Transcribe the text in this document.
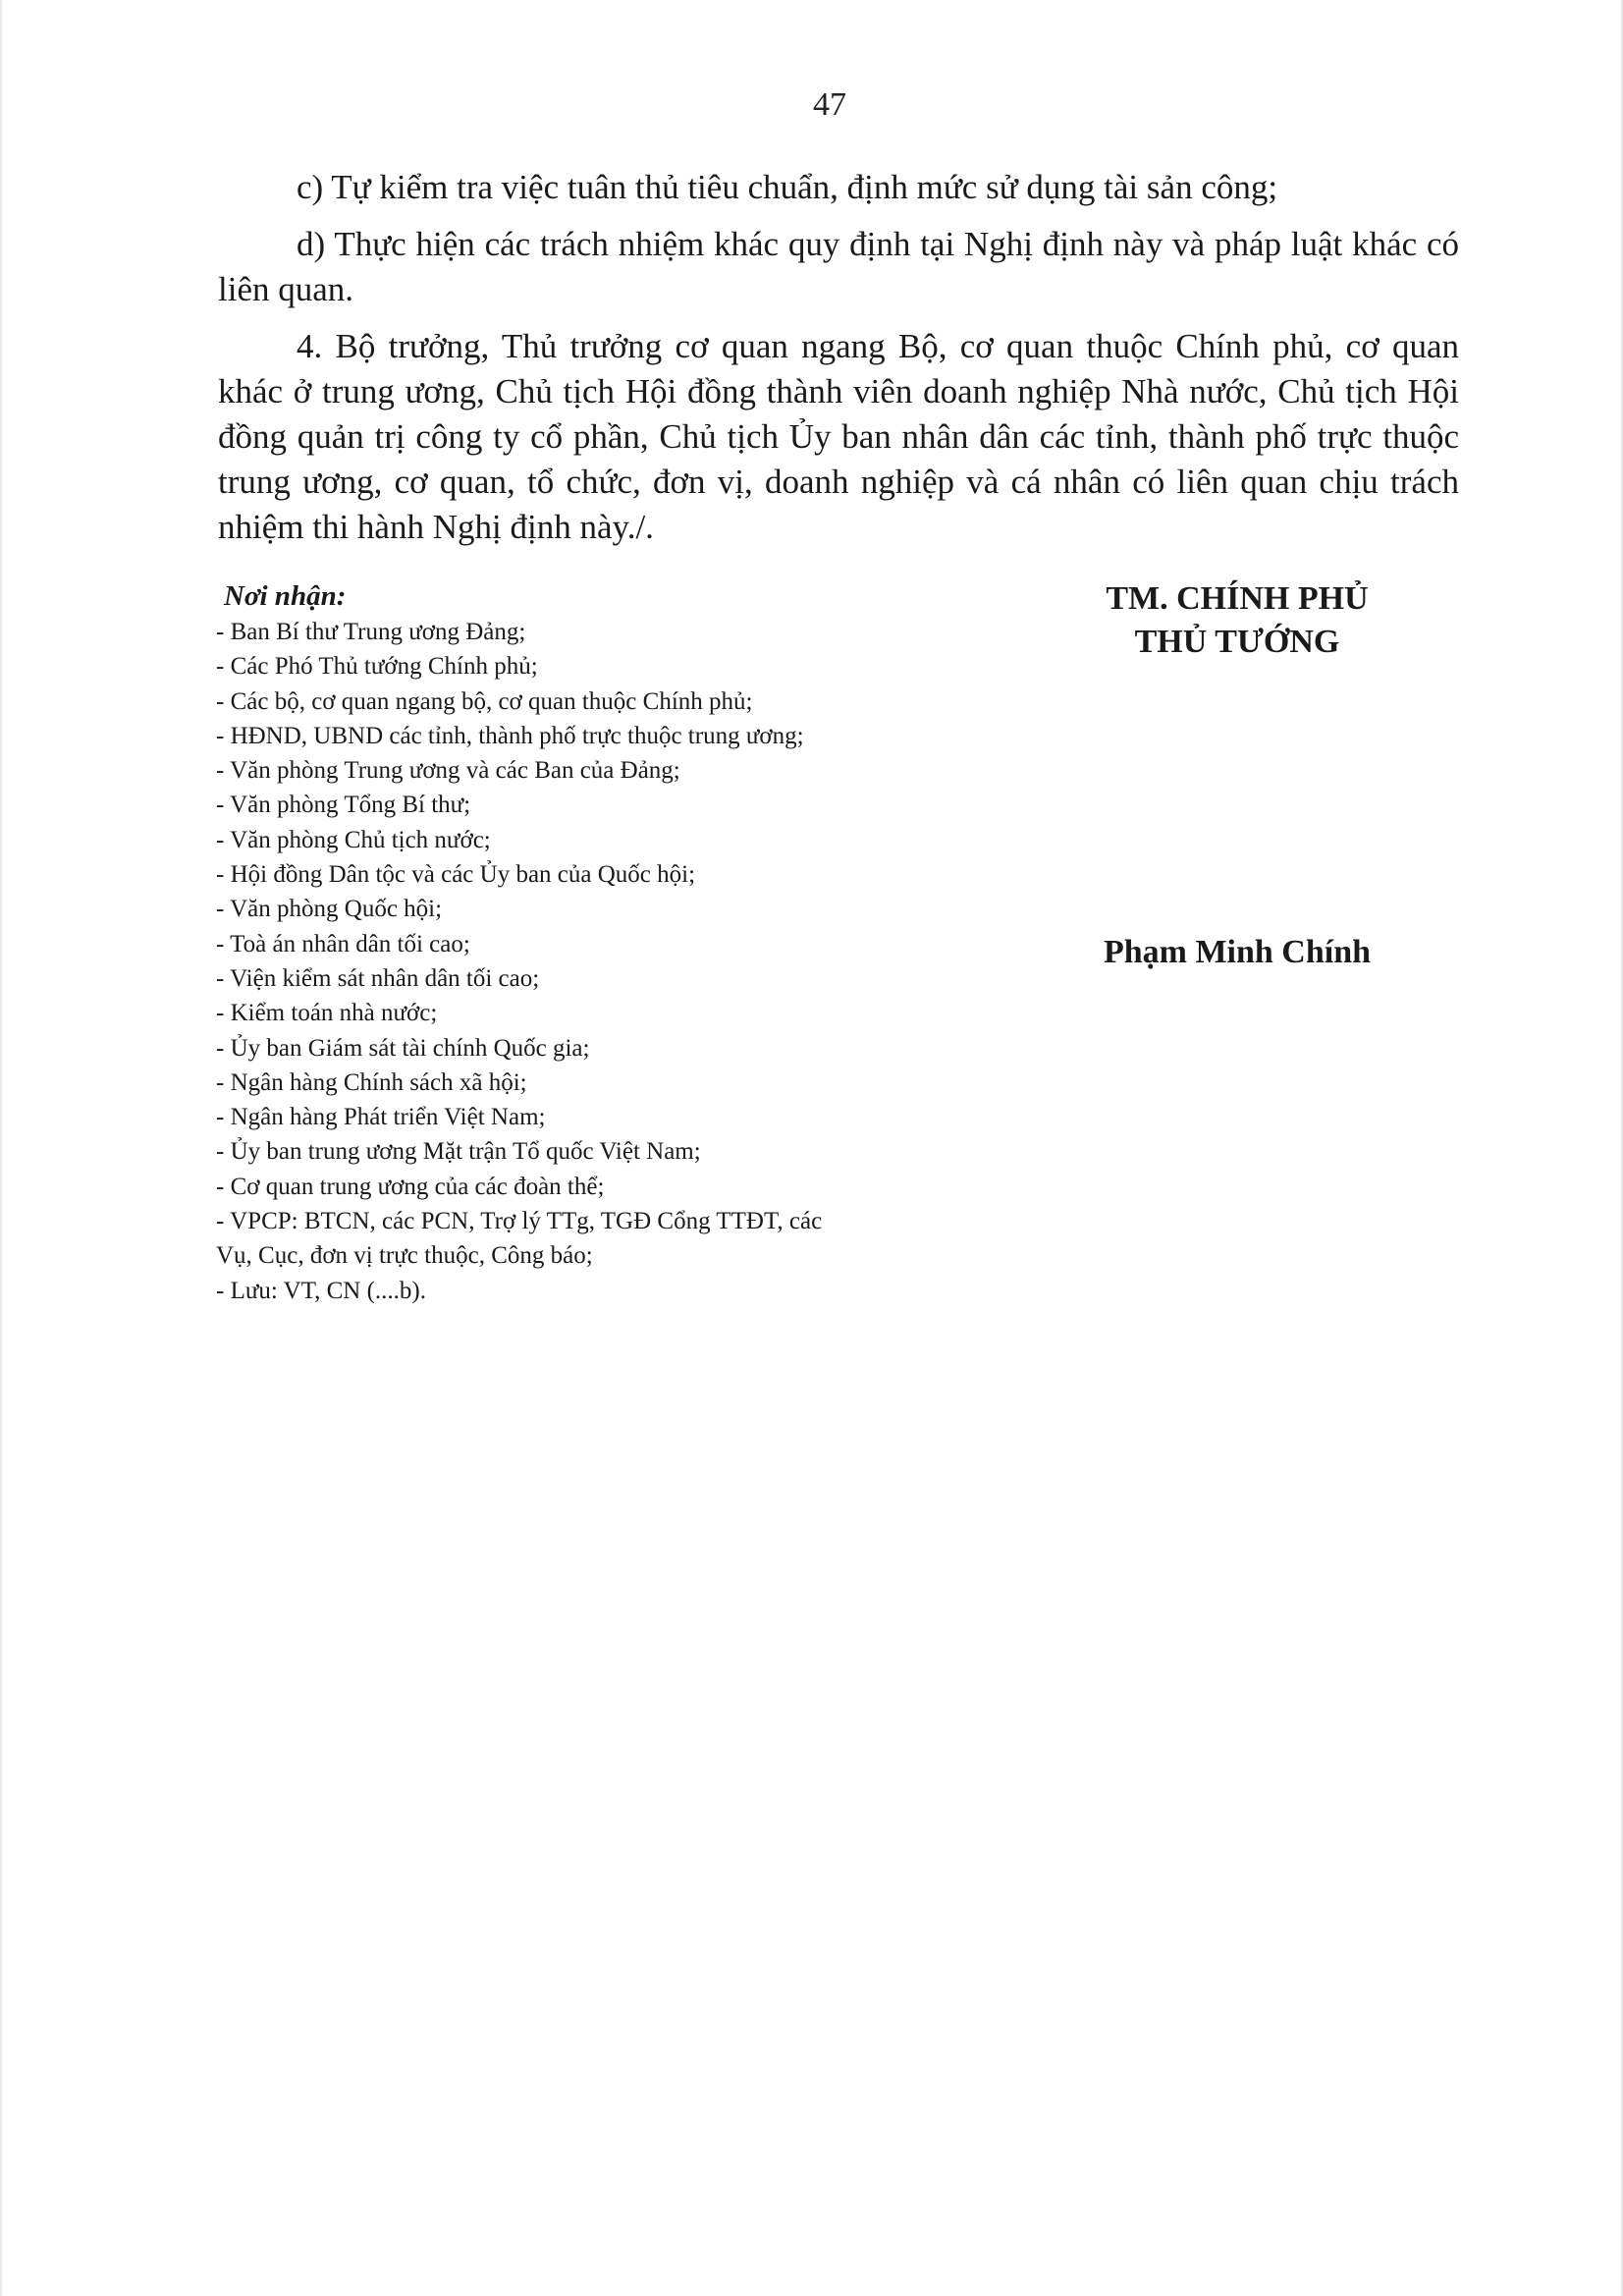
47

c) Tự kiểm tra việc tuân thủ tiêu chuẩn, định mức sử dụng tài sản công;

d) Thực hiện các trách nhiệm khác quy định tại Nghị định này và pháp luật khác có liên quan.

4. Bộ trưởng, Thủ trưởng cơ quan ngang Bộ, cơ quan thuộc Chính phủ, cơ quan khác ở trung ương, Chủ tịch Hội đồng thành viên doanh nghiệp Nhà nước, Chủ tịch Hội đồng quản trị công ty cổ phần, Chủ tịch Ủy ban nhân dân các tỉnh, thành phố trực thuộc trung ương, cơ quan, tổ chức, đơn vị, doanh nghiệp và cá nhân có liên quan chịu trách nhiệm thi hành Nghị định này./.

Nơi nhận:
- Ban Bí thư Trung ương Đảng;
- Các Phó Thủ tướng Chính phủ;
- Các bộ, cơ quan ngang bộ, cơ quan thuộc Chính phủ;
- HĐND, UBND các tỉnh, thành phố trực thuộc trung ương;
- Văn phòng Trung ương và các Ban của Đảng;
- Văn phòng Tổng Bí thư;
- Văn phòng Chủ tịch nước;
- Hội đồng Dân tộc và các Ủy ban của Quốc hội;
- Văn phòng Quốc hội;
- Toà án nhân dân tối cao;
- Viện kiểm sát nhân dân tối cao;
- Kiểm toán nhà nước;
- Ủy ban Giám sát tài chính Quốc gia;
- Ngân hàng Chính sách xã hội;
- Ngân hàng Phát triển Việt Nam;
- Ủy ban trung ương Mặt trận Tổ quốc Việt Nam;
- Cơ quan trung ương của các đoàn thể;
- VPCP: BTCN, các PCN, Trợ lý TTg, TGĐ Cổng TTĐT, các
Vụ, Cục, đơn vị trực thuộc, Công báo;
- Lưu: VT, CN (....b).
TM. CHÍNH PHỦ
THỦ TƯỚNG
Phạm Minh Chính
